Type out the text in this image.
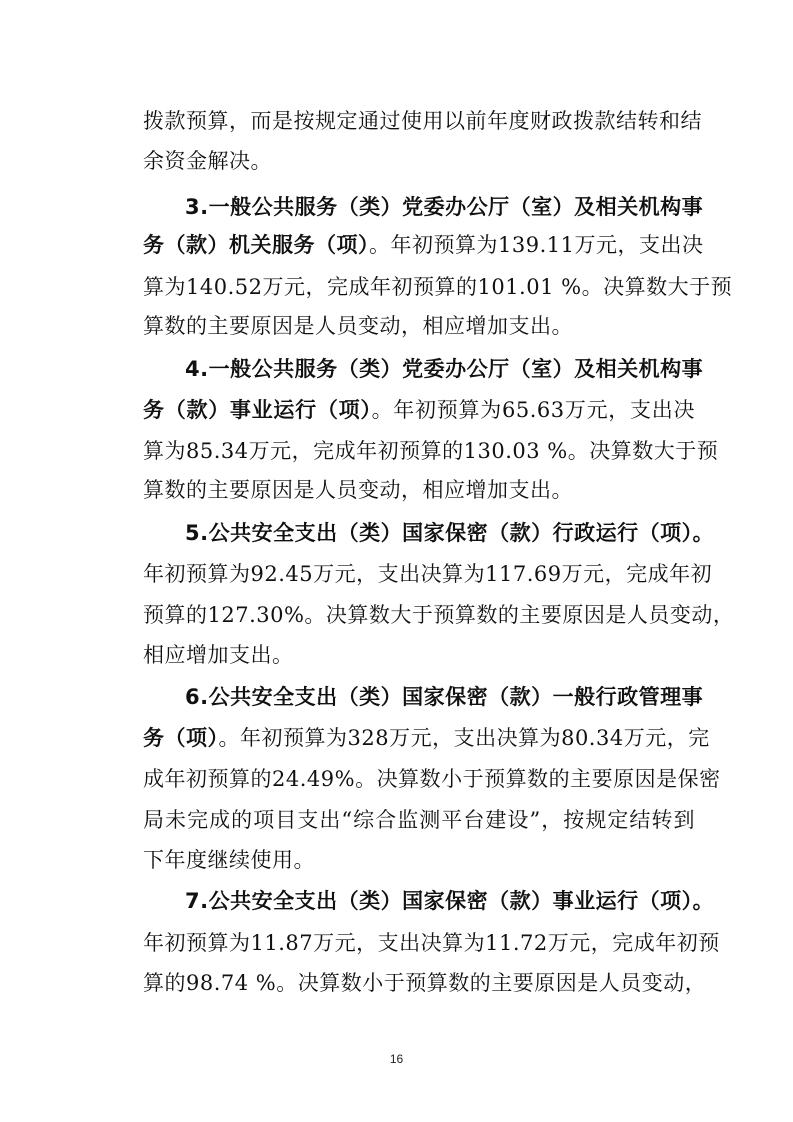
拨款预算，而是按规定通过使用以前年度财政拨款结转和结
余资金解决。
3.一般公共服务（类）党委办公厅（室）及相关机构事
务（款）机关服务（项）。年初预算为139.11万元，支出决
算为140.52万元，完成年初预算的101.01 %。决算数大于预
算数的主要原因是人员变动，相应增加支出。
4.一般公共服务（类）党委办公厅（室）及相关机构事
务（款）事业运行（项）。年初预算为65.63万元，支出决
算为85.34万元，完成年初预算的130.03 %。决算数大于预
算数的主要原因是人员变动，相应增加支出。
5.公共安全支出（类）国家保密（款）行政运行（项）。
年初预算为92.45万元，支出决算为117.69万元，完成年初
预算的127.30%。决算数大于预算数的主要原因是人员变动，
相应增加支出。
6.公共安全支出（类）国家保密（款）一般行政管理事
务（项）。年初预算为328万元，支出决算为80.34万元，完
成年初预算的24.49%。决算数小于预算数的主要原因是保密
局未完成的项目支出“综合监测平台建设”，按规定结转到
下年度继续使用。
7.公共安全支出（类）国家保密（款）事业运行（项）。
年初预算为11.87万元，支出决算为11.72万元，完成年初预
算的98.74 %。决算数小于预算数的主要原因是人员变动，
16
